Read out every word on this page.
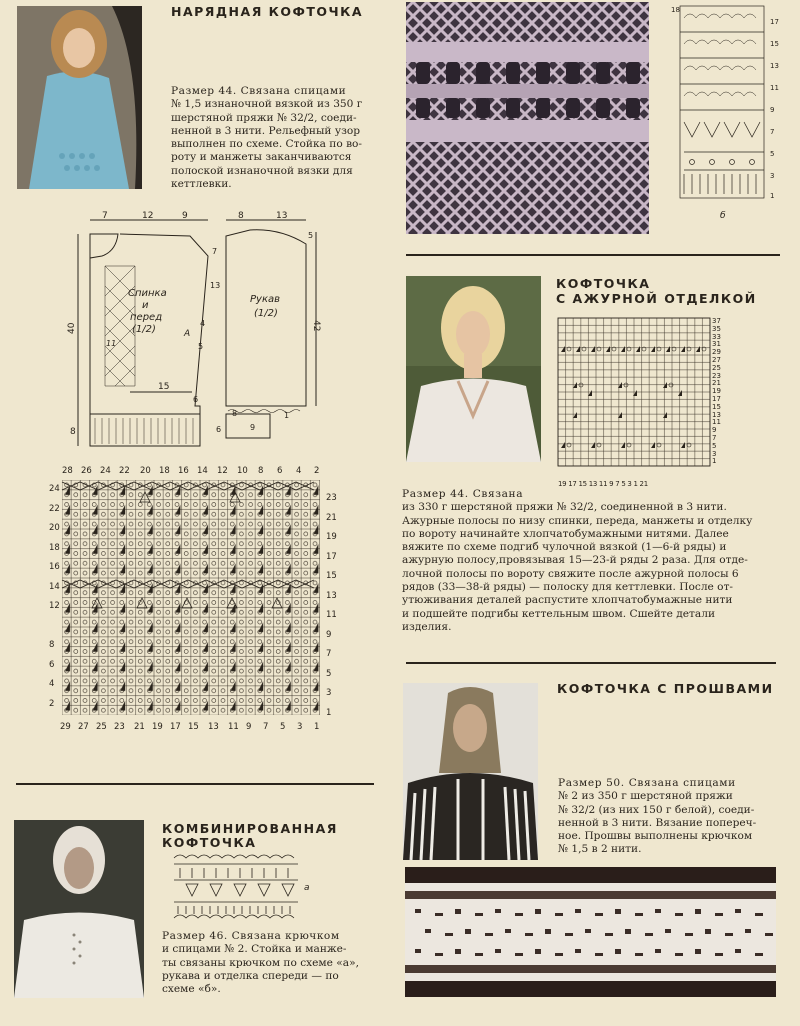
НАРЯДНАЯ КОФТОЧКА
Размер 44. Связана спицами
№ 1,5 изнаночной вязкой из 350 г
шерстяной пряжи № 32/2, соеди-
ненной в 3 нити. Рельефный узор
выполнен по схеме. Стойка по во-
роту и манжеты заканчиваются
полоской изнаночной вязки для
кеттлевки.
7	12	9	8	13
40
8
15
11
7
13
4
5
A
6
Спинка
и
перед
(1/2)
Рукав
(1/2)
5
42
8
9
1
6
28 26 24 22 20 18 16 14 12 10 8 6 4 2
24
22
20
18
16
14
12
8
6
4
2
23
21
19
17
15
13
11
9
7
5
3
1
29 27 25 23 21 19 17 15 13 11 9 7 5 3 1
18
б
17
15
13
11
9
7
5
3
1
КОФТОЧКА
С АЖУРНОЙ ОТДЕЛКОЙ
19 17 15 13 11 9 7 5 3 1 21
37
35
33
31
29
27
25
23
21
19
17
15
13
11
9
7
5
3
1
Размер 44. Связана
из 330 г шерстяной пряжи № 32/2, соединенной в 3 нити.
Ажурные полосы по низу спинки, переда, манжеты и отделку
по вороту начинайте хлопчатобумажными нитями. Далее
вяжите по схеме подгиб чулочной вязкой (1—6-й ряды) и
ажурную полосу,провязывая 15—23-й ряды 2 раза. Для отде-
лочной полосы по вороту свяжите после ажурной полосы 6
рядов (33—38-й ряды) — полоску для кеттлевки. После от-
утюживания деталей распустите хлопчатобумажные нити
и подшейте подгибы кеттельным швом. Сшейте детали
изделия.
КОФТОЧКА С ПРОШВАМИ
Размер 50. Связана спицами
№ 2 из 350 г шерстяной пряжи
№ 32/2 (из них 150 г белой), соеди-
ненной в 3 нити. Вязание попереч-
ное. Прошвы выполнены крючком
№ 1,5 в 2 нити.
КОМБИНИРОВАННАЯ
КОФТОЧКА
a
Размер 46. Связана крючком
и спицами № 2. Стойка и манже-
ты связаны крючком по схеме «а»,
рукава и отделка спереди — по
схеме «б».
